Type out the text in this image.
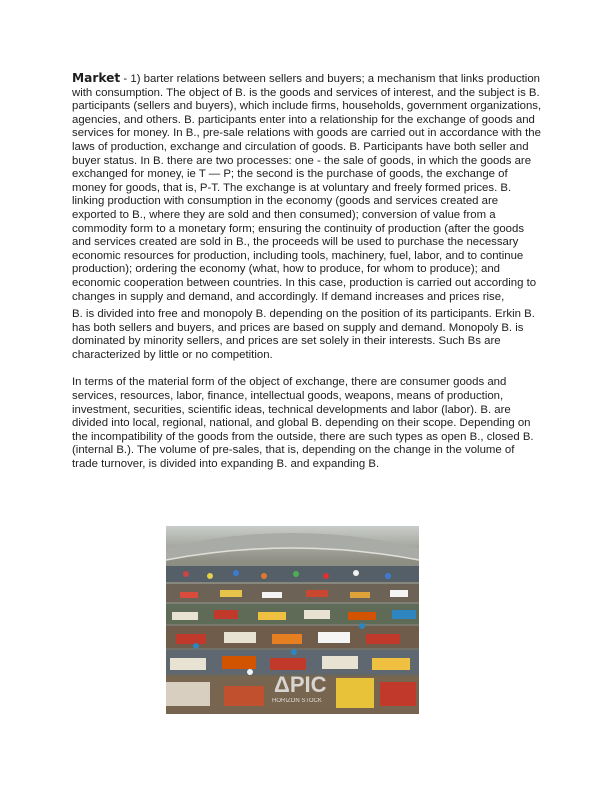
Market - 1) barter relations between sellers and buyers; a mechanism that links production with consumption. The object of B. is the goods and services of interest, and the subject is B. participants (sellers and buyers), which include firms, households, government organizations, agencies, and others. B. participants enter into a relationship for the exchange of goods and services for money. In B., pre-sale relations with goods are carried out in accordance with the laws of production, exchange and circulation of goods. B. Participants have both seller and buyer status. In B. there are two processes: one - the sale of goods, in which the goods are exchanged for money, ie T — P; the second is the purchase of goods, the exchange of money for goods, that is, P-T. The exchange is at voluntary and freely formed prices. B. linking production with consumption in the economy (goods and services created are exported to B., where they are sold and then consumed); conversion of value from a commodity form to a monetary form; ensuring the continuity of production (after the goods and services created are sold in B., the proceeds will be used to purchase the necessary economic resources for production, including tools, machinery, fuel, labor, and to continue production); ordering the economy (what, how to produce, for whom to produce); and economic cooperation between countries. In this case, production is carried out according to changes in supply and demand, and accordingly. If demand increases and prices rise,

B. is divided into free and monopoly B. depending on the position of its participants. Erkin B. has both sellers and buyers, and prices are based on supply and demand. Monopoly B. is dominated by minority sellers, and prices are set solely in their interests. Such Bs are characterized by little or no competition.

In terms of the material form of the object of exchange, there are consumer goods and services, resources, labor, finance, intellectual goods, weapons, means of production, investment, securities, scientific ideas, technical developments and labor (labor). B. are divided into local, regional, national, and global B. depending on their scope. Depending on the incompatibility of the goods from the outside, there are such types as open B., closed B. (internal B.). The volume of pre-sales, that is, depending on the change in the volume of trade turnover, is divided into expanding B. and expanding B.

ΔPIC
HORIZON STOCK
